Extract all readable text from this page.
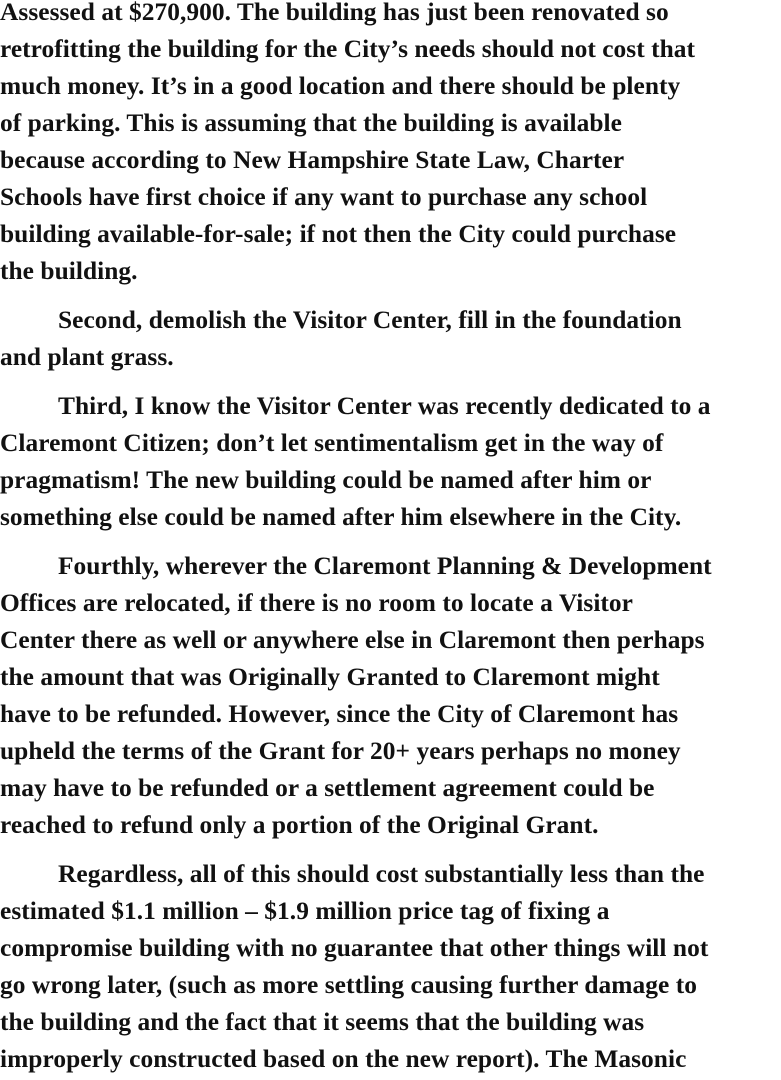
Assessed at $270,900. The building has just been renovated so
retrofitting the building for the City’s needs should not cost that
much money. It’s in a good location and there should be plenty
of parking. This is assuming that the building is available
because according to New Hampshire State Law, Charter
Schools have first choice if any want to purchase any school
building available-for-sale; if not then the City could purchase
the building.
Second, demolish the Visitor Center, fill in the foundation
and plant grass.
Third, I know the Visitor Center was recently dedicated to a
Claremont Citizen; don’t let sentimentalism get in the way of
pragmatism! The new building could be named after him or
something else could be named after him elsewhere in the City.
Fourthly, wherever the Claremont Planning & Development
Offices are relocated, if there is no room to locate a Visitor
Center there as well or anywhere else in Claremont then perhaps
the amount that was Originally Granted to Claremont might
have to be refunded. However, since the City of Claremont has
upheld the terms of the Grant for 20+ years perhaps no money
may have to be refunded or a settlement agreement could be
reached to refund only a portion of the Original Grant.
Regardless, all of this should cost substantially less than the
estimated $1.1 million – $1.9 million price tag of fixing a
compromise building with no guarantee that other things will not
go wrong later, (such as more settling causing further damage to
the building and the fact that it seems that the building was
improperly constructed based on the new report). The Masonic
